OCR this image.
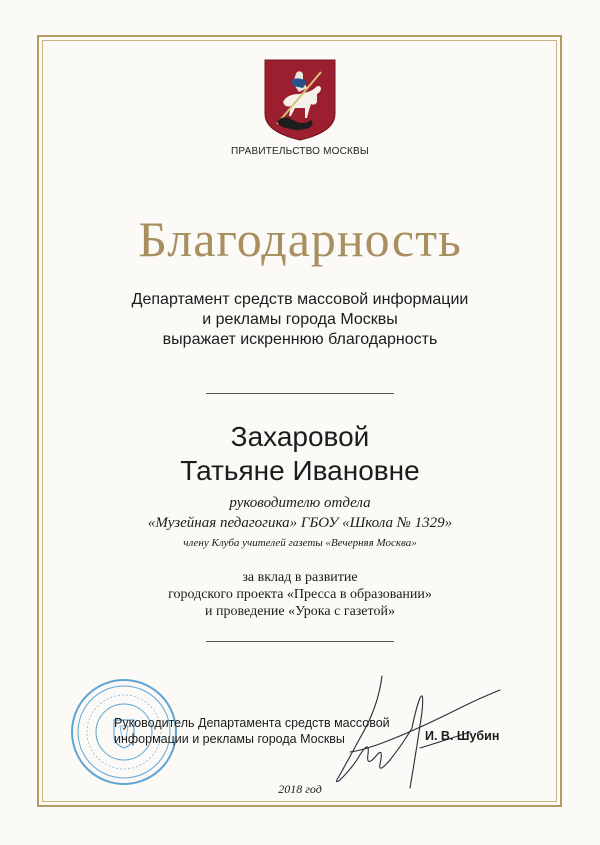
ПРАВИТЕЛЬСТВО МОСКВЫ
Благодарность
Департамент средств массовой информации
и рекламы города Москвы
выражает искреннюю благодарность
Захаровой
Татьяне Ивановне
руководителю отдела
«Музейная педагогика» ГБОУ «Школа № 1329»
члену Клуба учителей газеты «Вечерняя Москва»
за вклад в развитие
городского проекта «Пресса в образовании»
и проведение «Урока с газетой»
Руководитель Департамента средств массовой
информации и рекламы города Москвы	И. В. Шубин
2018 год
